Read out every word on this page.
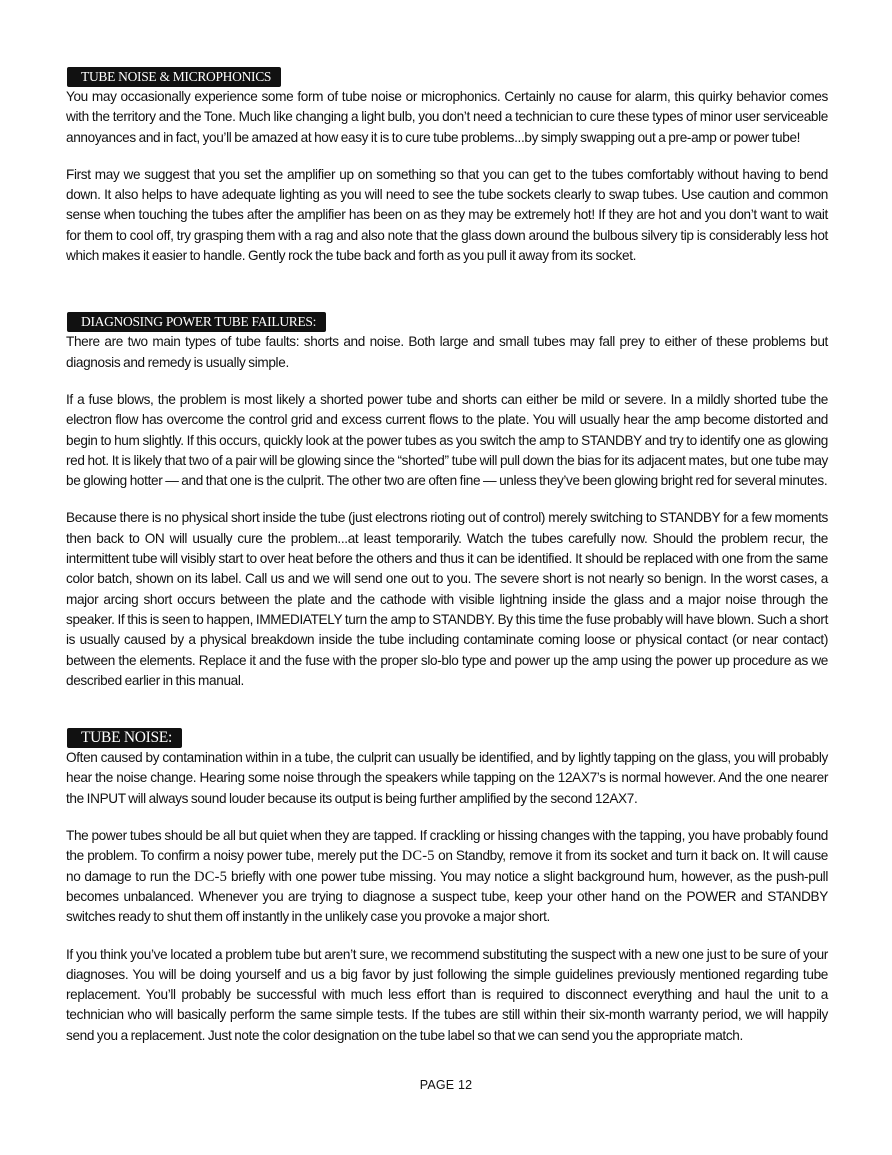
TUBE NOISE & MICROPHONICS

You may occasionally experience some form of tube noise or microphonics. Certainly no cause for alarm, this quirky behavior comes with the territory and the Tone. Much like changing a light bulb, you don’t need a technician to cure these types of minor user serviceable annoyances and in fact, you’ll be amazed at how easy it is to cure tube problems...by simply swapping out a pre-amp or power tube!

First may we suggest that you set the amplifier up on something so that you can get to the tubes comfortably without having to bend down. It also helps to have adequate lighting as you will need to see the tube sockets clearly to swap tubes. Use caution and common sense when touching the tubes after the amplifier has been on as they may be extremely hot! If they are hot and you don’t want to wait for them to cool off, try grasping them with a rag and also note that the glass down around the bulbous silvery tip is considerably less hot which makes it easier to handle. Gently rock the tube back and forth as you pull it away from its socket.

DIAGNOSING POWER TUBE FAILURES:

There are two main types of tube faults: shorts and noise. Both large and small tubes may fall prey to either of these problems but diagnosis and remedy is usually simple.

If a fuse blows, the problem is most likely a shorted power tube and shorts can either be mild or severe. In a mildly shorted tube the electron flow has overcome the control grid and excess current flows to the plate. You will usually hear the amp become distorted and begin to hum slightly. If this occurs, quickly look at the power tubes as you switch the amp to STANDBY and try to identify one as glowing red hot. It is likely that two of a pair will be glowing since the “shorted” tube will pull down the bias for its adjacent mates, but one tube may be glowing hotter — and that one is the culprit. The other two are often fine — unless they’ve been glowing bright red for several minutes.

Because there is no physical short inside the tube (just electrons rioting out of control) merely switching to STANDBY for a few moments then back to ON will usually cure the problem...at least temporarily. Watch the tubes carefully now. Should the problem recur, the intermittent tube will visibly start to over heat before the others and thus it can be identified. It should be replaced with one from the same color batch, shown on its label. Call us and we will send one out to you. The severe short is not nearly so benign. In the worst cases, a major arcing short occurs between the plate and the cathode with visible lightning inside the glass and a major noise through the speaker. If this is seen to happen, IMMEDIATELY turn the amp to STANDBY. By this time the fuse probably will have blown. Such a short is usually caused by a physical breakdown inside the tube including contaminate coming loose or physical contact (or near contact) between the elements. Replace it and the fuse with the proper slo-blo type and power up the amp using the power up procedure as we described earlier in this manual.

TUBE NOISE:

Often caused by contamination within in a tube, the culprit can usually be identified, and by lightly tapping on the glass, you will probably hear the noise change. Hearing some noise through the speakers while tapping on the 12AX7’s is normal however. And the one nearer the INPUT will always sound louder because its output is being further amplified by the second 12AX7.

The power tubes should be all but quiet when they are tapped. If crackling or hissing changes with the tapping, you have probably found the problem. To confirm a noisy power tube, merely put the DC-5 on Standby, remove it from its socket and turn it back on. It will cause no damage to run the DC-5 briefly with one power tube missing. You may notice a slight background hum, however, as the push-pull becomes unbalanced. Whenever you are trying to diagnose a suspect tube, keep your other hand on the POWER and STANDBY switches ready to shut them off instantly in the unlikely case you provoke a major short.

If you think you’ve located a problem tube but aren’t sure, we recommend substituting the suspect with a new one just to be sure of your diagnoses. You will be doing yourself and us a big favor by just following the simple guidelines previously mentioned regarding tube replacement. You’ll probably be successful with much less effort than is required to disconnect everything and haul the unit to a technician who will basically perform the same simple tests. If the tubes are still within their six-month warranty period, we will happily send you a replacement. Just note the color designation on the tube label so that we can send you the appropriate match.

PAGE 12
